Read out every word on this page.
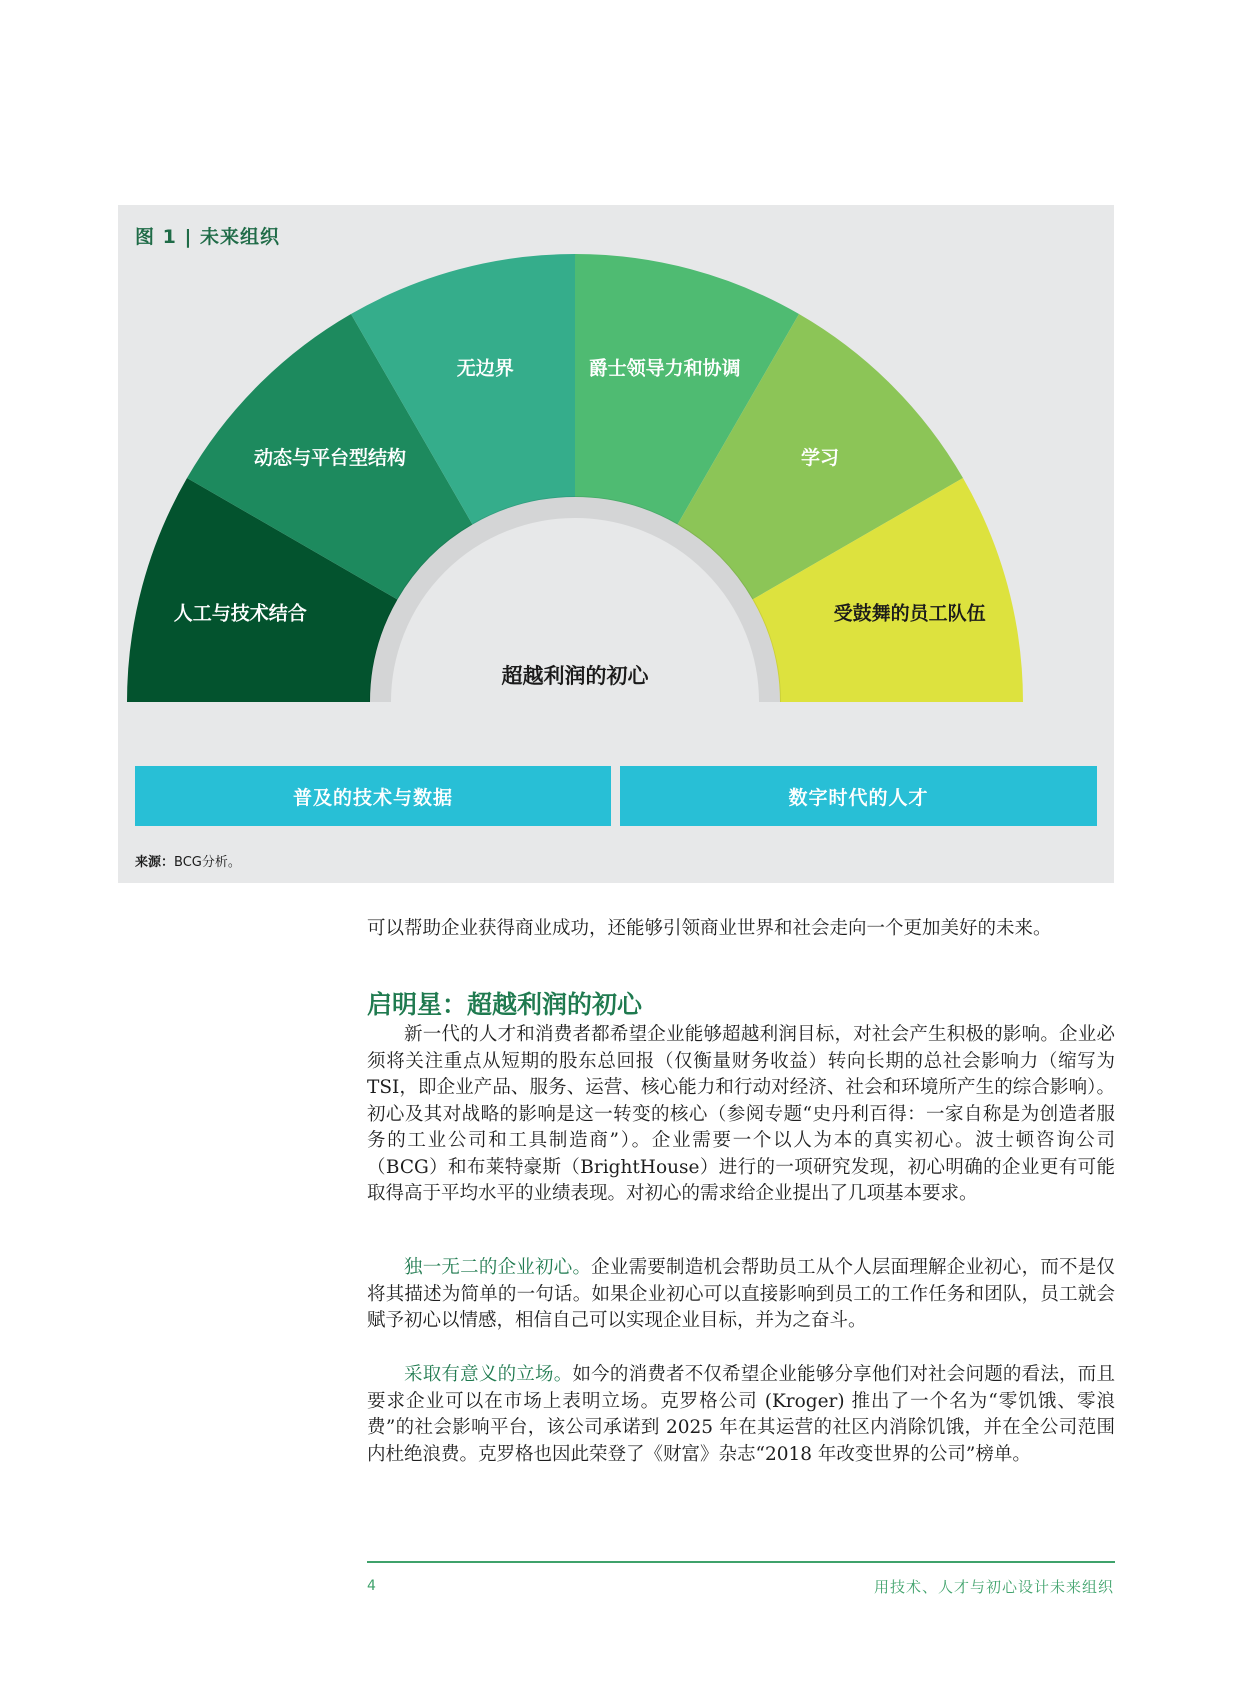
图 1 | 未来组织
人工与技术结合
动态与平台型结构
无边界	爵士领导力和协调
学习
受鼓舞的员工队伍
超越利润的初心
普及的技术与数据	数字时代的人才
来源：BCG分析。
可以帮助企业获得商业成功，还能够引领商业世界和社会走向一个更加美好的未来。
启明星：超越利润的初心
新一代的人才和消费者都希望企业能够超越利润目标，对社会产生积极的影响。企业必须将关注重点从短期的股东总回报（仅衡量财务收益）转向长期的总社会影响力（缩写为TSI，即企业产品、服务、运营、核心能力和行动对经济、社会和环境所产生的综合影响）。初心及其对战略的影响是这一转变的核心（参阅专题“史丹利百得：一家自称是为创造者服务的工业公司和工具制造商”）。企业需要一个以人为本的真实初心。波士顿咨询公司（BCG）和布莱特豪斯（BrightHouse）进行的一项研究发现，初心明确的企业更有可能取得高于平均水平的业绩表现。对初心的需求给企业提出了几项基本要求。
独一无二的企业初心。企业需要制造机会帮助员工从个人层面理解企业初心，而不是仅将其描述为简单的一句话。如果企业初心可以直接影响到员工的工作任务和团队，员工就会赋予初心以情感，相信自己可以实现企业目标，并为之奋斗。
采取有意义的立场。如今的消费者不仅希望企业能够分享他们对社会问题的看法，而且要求企业可以在市场上表明立场。克罗格公司 (Kroger) 推出了一个名为“零饥饿、零浪费”的社会影响平台，该公司承诺到 2025 年在其运营的社区内消除饥饿，并在全公司范围内杜绝浪费。克罗格也因此荣登了《财富》杂志“2018 年改变世界的公司”榜单。
4	用技术、人才与初心设计未来组织
